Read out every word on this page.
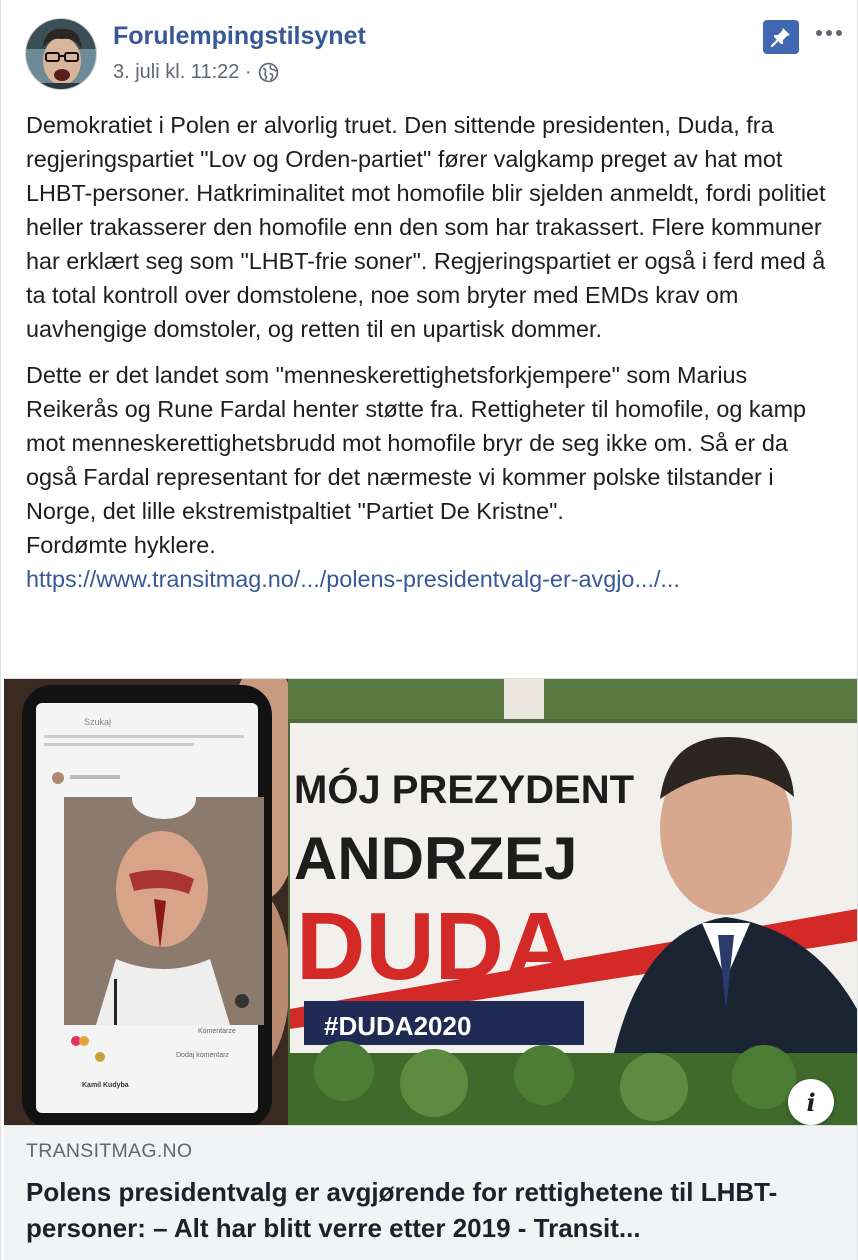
Forulempingstilsynet
3. juli kl. 11:22 ·

Demokratiet i Polen er alvorlig truet. Den sittende presidenten, Duda, fra regjeringspartiet "Lov og Orden-partiet" fører valgkamp preget av hat mot LHBT-personer. Hatkriminalitet mot homofile blir sjelden anmeldt, fordi politiet heller trakasserer den homofile enn den som har trakassert. Flere kommuner har erklært seg som "LHBT-frie soner". Regjeringspartiet er også i ferd med å ta total kontroll over domstolene, noe som bryter med EMDs krav om uavhengige domstoler, og retten til en upartisk dommer.

Dette er det landet som "menneskerettighetsforkjempere" som Marius Reikerås og Rune Fardal henter støtte fra. Rettigheter til homofile, og kamp mot menneskerettighetsbrudd mot homofile bryr de seg ikke om. Så er da også Fardal representant for det nærmeste vi kommer polske tilstander i Norge, det lille ekstremistpaltiet "Partiet De Kristne".

Fordømte hyklere.

https://www.transitmag.no/.../polens-presidentvalg-er-avgjo.../...
Szukaj
Komentarze
Dodaj komentarz
Kamil Kudyba
MÓJ PREZYDENT
ANDRZEJ
DUDA
#DUDA2020
i
TRANSITMAG.NO
Polens presidentvalg er avgjørende for rettighetene til LHBT-personer: – Alt har blitt verre etter 2019 - Transit...
